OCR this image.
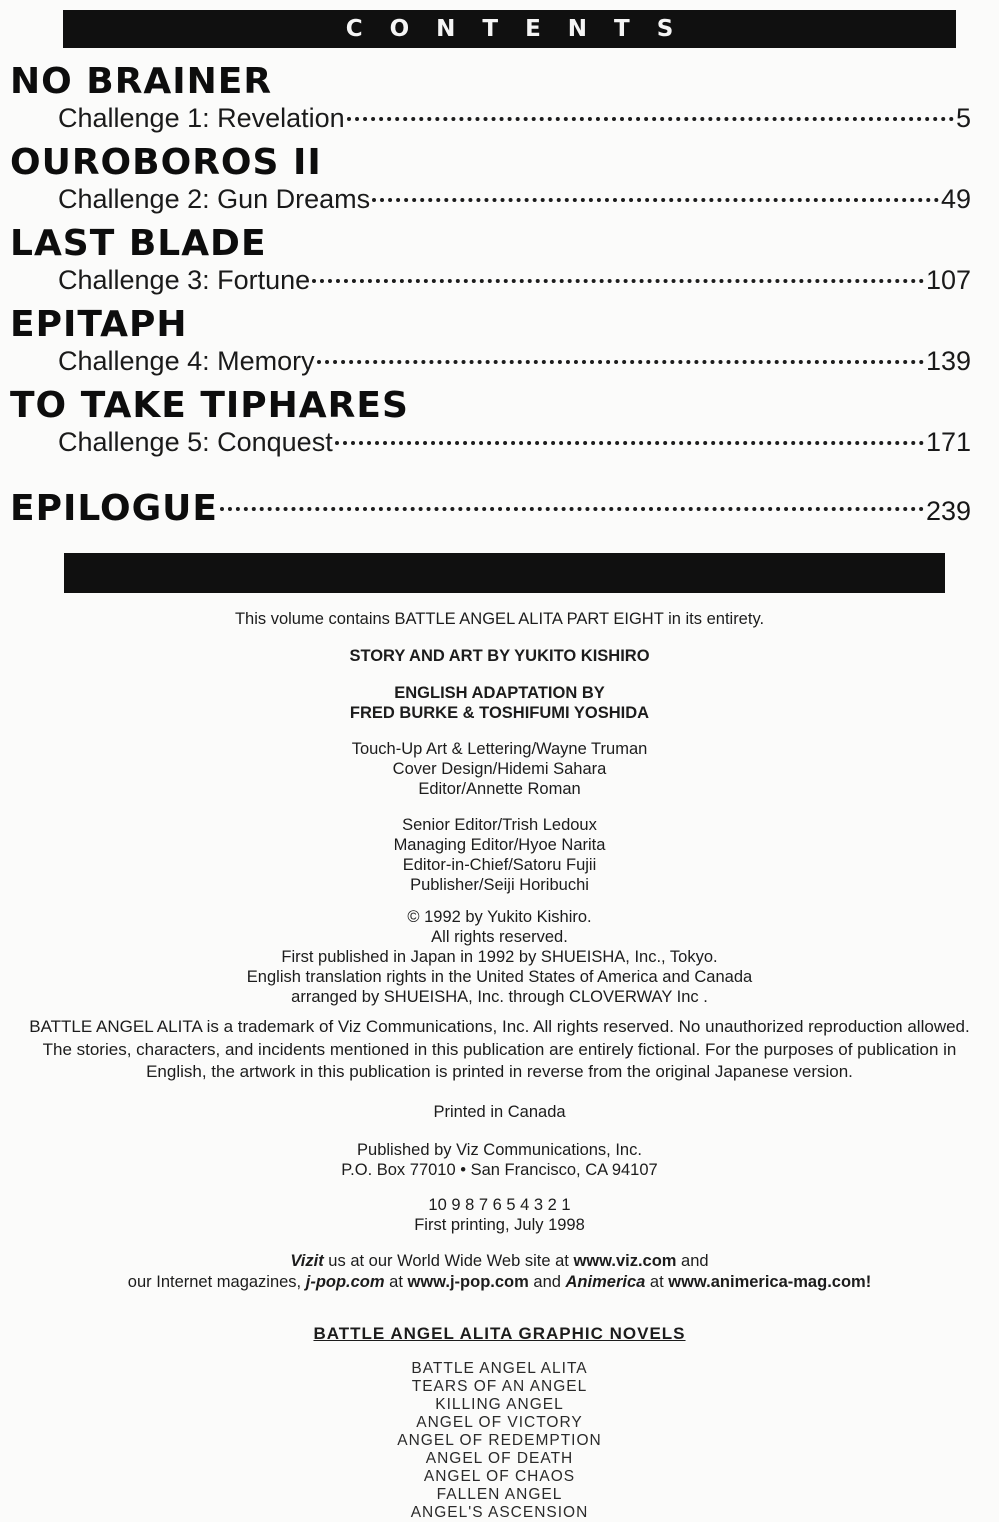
CONTENTS
NO BRAINER
Challenge 1: Revelation	5
OUROBOROS II
Challenge 2: Gun Dreams	49
LAST BLADE
Challenge 3: Fortune	107
EPITAPH
Challenge 4: Memory	139
TO TAKE TIPHARES
Challenge 5: Conquest	171
EPILOGUE	239

This volume contains BATTLE ANGEL ALITA PART EIGHT in its entirety.

STORY AND ART BY YUKITO KISHIRO

ENGLISH ADAPTATION BY

FRED BURKE & TOSHIFUMI YOSHIDA

Touch-Up Art & Lettering/Wayne Truman

Cover Design/Hidemi Sahara

Editor/Annette Roman

Senior Editor/Trish Ledoux

Managing Editor/Hyoe Narita

Editor-in-Chief/Satoru Fujii

Publisher/Seiji Horibuchi

© 1992 by Yukito Kishiro.

All rights reserved.

First published in Japan in 1992 by SHUEISHA, Inc., Tokyo.

English translation rights in the United States of America and Canada

arranged by SHUEISHA, Inc. through CLOVERWAY Inc .

BATTLE ANGEL ALITA is a trademark of Viz Communications, Inc. All rights reserved. No unauthorized reproduction allowed. The stories, characters, and incidents mentioned in this publication are entirely fictional. For the purposes of publication in English, the artwork in this publication is printed in reverse from the original Japanese version.

Printed in Canada

Published by Viz Communications, Inc.

P.O. Box 77010 • San Francisco, CA 94107

10 9 8 7 6 5 4 3 2 1

First printing, July 1998

Vizit us at our World Wide Web site at www.viz.com and

our Internet magazines, j-pop.com at www.j-pop.com and Animerica at www.animerica-mag.com!

BATTLE ANGEL ALITA GRAPHIC NOVELS

BATTLE ANGEL ALITA

TEARS OF AN ANGEL

KILLING ANGEL

ANGEL OF VICTORY

ANGEL OF REDEMPTION

ANGEL OF DEATH

ANGEL OF CHAOS

FALLEN ANGEL

ANGEL'S ASCENSION
